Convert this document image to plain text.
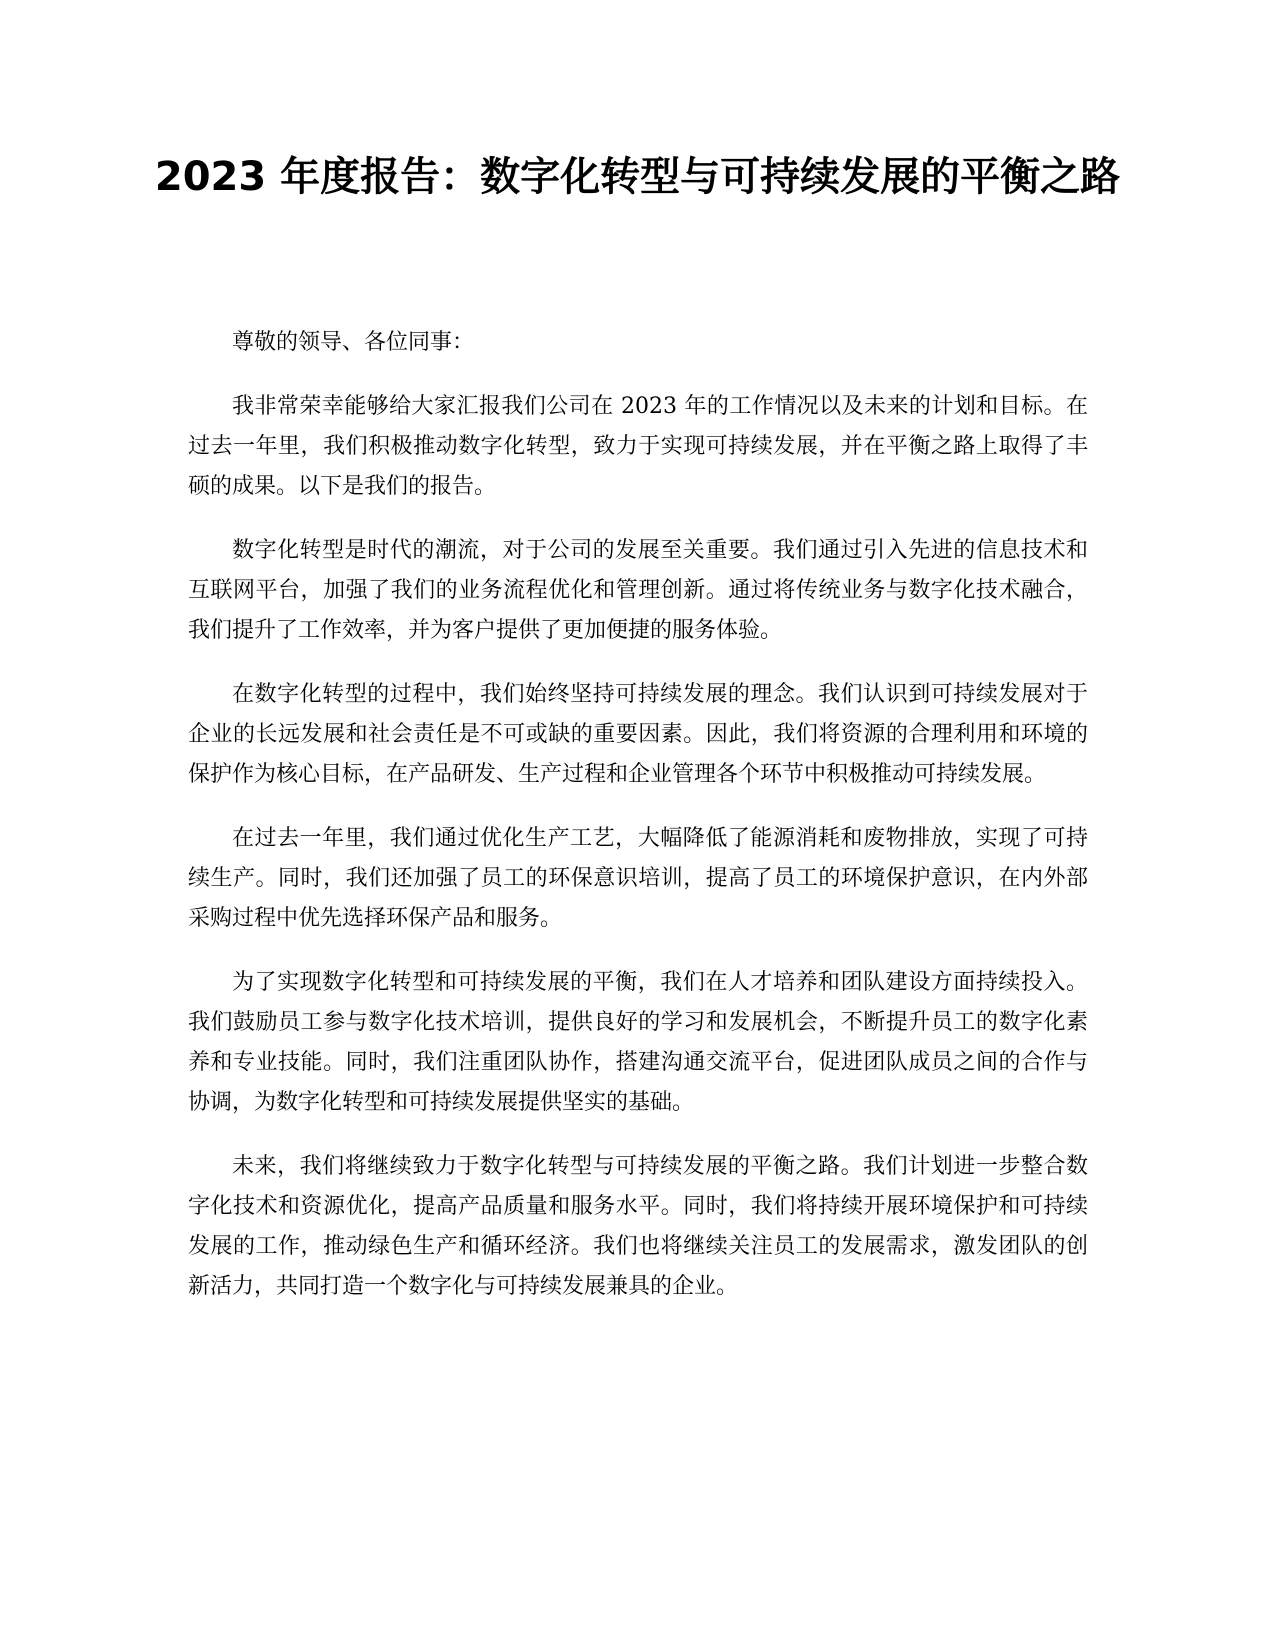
2023 年度报告：数字化转型与可持续发展的平衡之路

尊敬的领导、各位同事：

我非常荣幸能够给大家汇报我们公司在 2023 年的工作情况以及未来的计划和目标。在过去一年里，我们积极推动数字化转型，致力于实现可持续发展，并在平衡之路上取得了丰硕的成果。以下是我们的报告。

数字化转型是时代的潮流，对于公司的发展至关重要。我们通过引入先进的信息技术和互联网平台，加强了我们的业务流程优化和管理创新。通过将传统业务与数字化技术融合，我们提升了工作效率，并为客户提供了更加便捷的服务体验。

在数字化转型的过程中，我们始终坚持可持续发展的理念。我们认识到可持续发展对于企业的长远发展和社会责任是不可或缺的重要因素。因此，我们将资源的合理利用和环境的保护作为核心目标，在产品研发、生产过程和企业管理各个环节中积极推动可持续发展。

在过去一年里，我们通过优化生产工艺，大幅降低了能源消耗和废物排放，实现了可持续生产。同时，我们还加强了员工的环保意识培训，提高了员工的环境保护意识，在内外部采购过程中优先选择环保产品和服务。

为了实现数字化转型和可持续发展的平衡，我们在人才培养和团队建设方面持续投入。我们鼓励员工参与数字化技术培训，提供良好的学习和发展机会，不断提升员工的数字化素养和专业技能。同时，我们注重团队协作，搭建沟通交流平台，促进团队成员之间的合作与协调，为数字化转型和可持续发展提供坚实的基础。

未来，我们将继续致力于数字化转型与可持续发展的平衡之路。我们计划进一步整合数字化技术和资源优化，提高产品质量和服务水平。同时，我们将持续开展环境保护和可持续发展的工作，推动绿色生产和循环经济。我们也将继续关注员工的发展需求，激发团队的创新活力，共同打造一个数字化与可持续发展兼具的企业。
